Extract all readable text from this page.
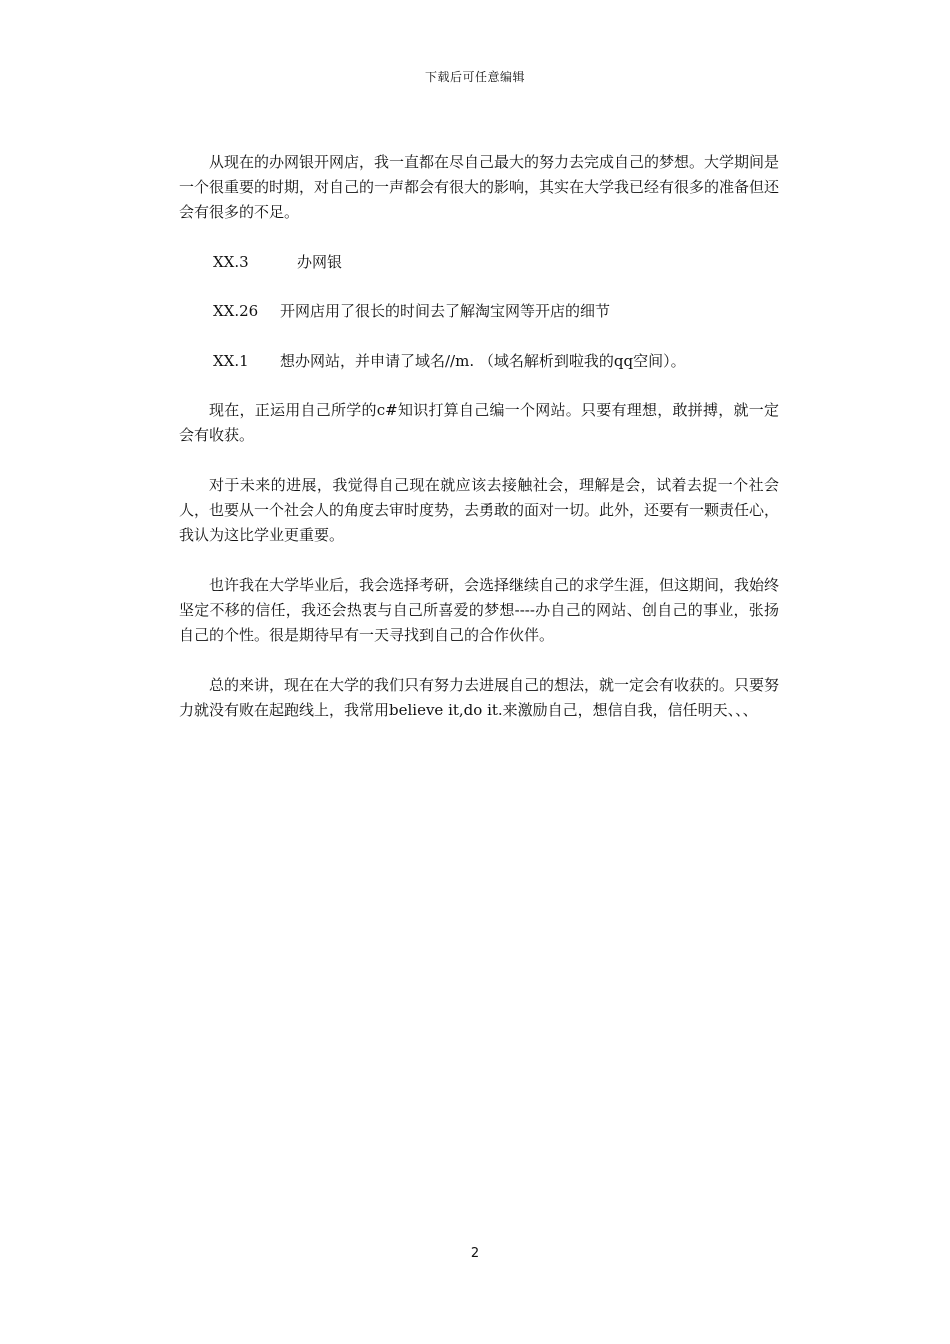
下载后可任意编辑

从现在的办网银开网店，我一直都在尽自己最大的努力去完成自己的梦想。大学期间是一个很重要的时期，对自己的一声都会有很大的影响，其实在大学我已经有很多的准备但还会有很多的不足。

XX.3	办网银

XX.26 开网店用了很长的时间去了解淘宝网等开店的细节

XX.1 想办网站，并申请了域名//m. （域名解析到啦我的qq空间）。

现在，正运用自己所学的c#知识打算自己编一个网站。只要有理想，敢拼搏，就一定会有收获。

对于未来的进展，我觉得自己现在就应该去接触社会，理解是会，试着去捉一个社会人，也要从一个社会人的角度去审时度势，去勇敢的面对一切。此外，还要有一颗责任心，我认为这比学业更重要。

也许我在大学毕业后，我会选择考研，会选择继续自己的求学生涯，但这期间，我始终坚定不移的信任，我还会热衷与自己所喜爱的梦想----办自己的网站、创自己的事业，张扬自己的个性。很是期待早有一天寻找到自己的合作伙伴。

总的来讲，现在在大学的我们只有努力去进展自己的想法，就一定会有收获的。只要努力就没有败在起跑线上，我常用believe it,do it.来激励自己，想信自我，信任明天、、、

2
